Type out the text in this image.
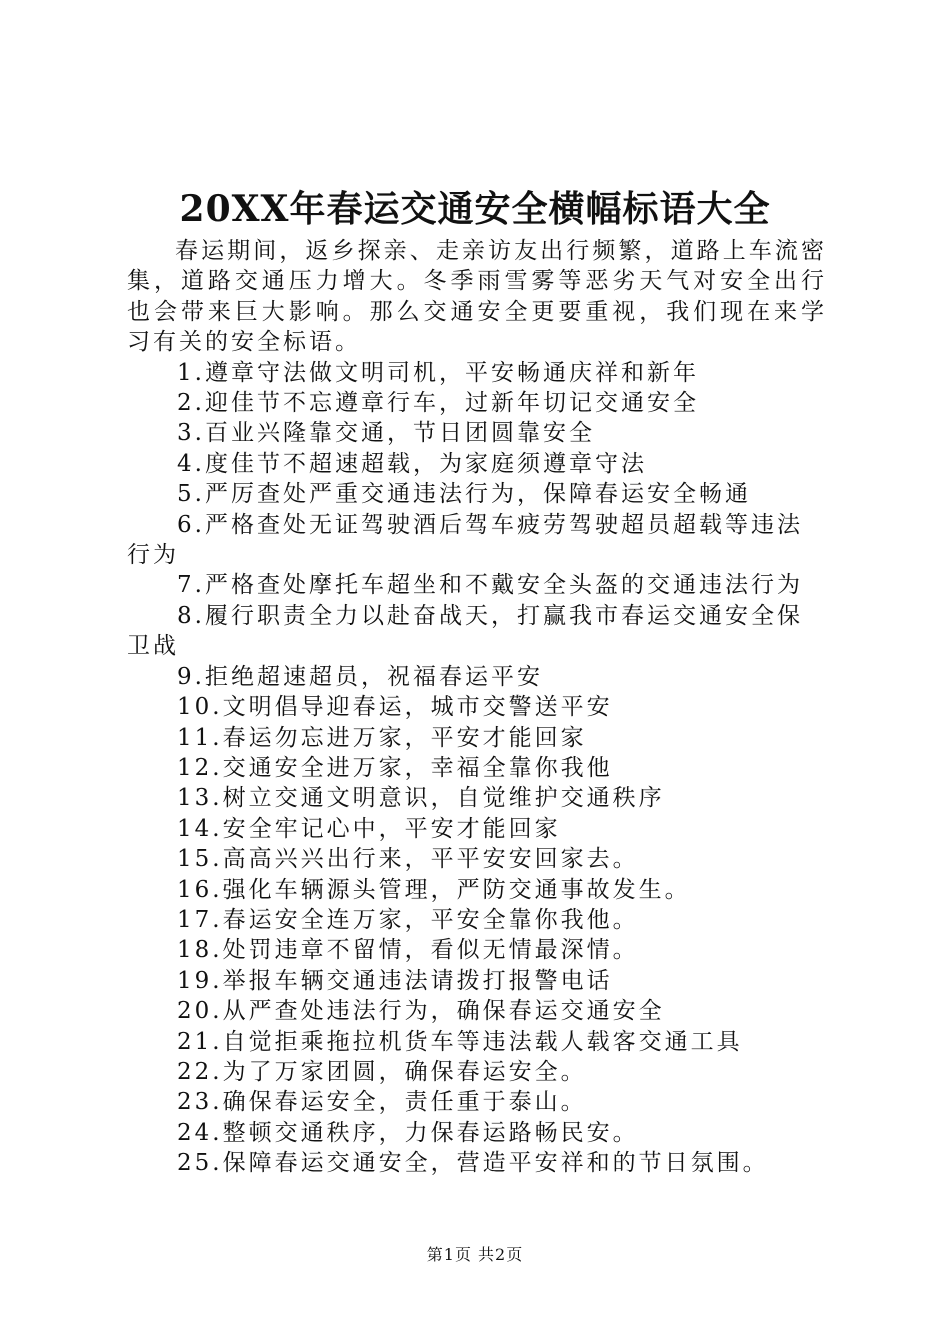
20XX年春运交通安全横幅标语大全

春运期间，返乡探亲、走亲访友出行频繁，道路上车流密集，道路交通压力增大。冬季雨雪雾等恶劣天气对安全出行也会带来巨大影响。那么交通安全更要重视，我们现在来学习有关的安全标语。

1.遵章守法做文明司机，平安畅通庆祥和新年
2.迎佳节不忘遵章行车，过新年切记交通安全
3.百业兴隆靠交通，节日团圆靠安全
4.度佳节不超速超载，为家庭须遵章守法
5.严厉查处严重交通违法行为，保障春运安全畅通
6.严格查处无证驾驶酒后驾车疲劳驾驶超员超载等违法行为
7.严格查处摩托车超坐和不戴安全头盔的交通违法行为
8.履行职责全力以赴奋战天，打赢我市春运交通安全保卫战
9.拒绝超速超员，祝福春运平安
10.文明倡导迎春运，城市交警送平安
11.春运勿忘进万家，平安才能回家
12.交通安全进万家，幸福全靠你我他
13.树立交通文明意识，自觉维护交通秩序
14.安全牢记心中，平安才能回家
15.高高兴兴出行来，平平安安回家去。
16.强化车辆源头管理，严防交通事故发生。
17.春运安全连万家，平安全靠你我他。
18.处罚违章不留情，看似无情最深情。
19.举报车辆交通违法请拨打报警电话
20.从严查处违法行为，确保春运交通安全
21.自觉拒乘拖拉机货车等违法载人载客交通工具
22.为了万家团圆，确保春运安全。
23.确保春运安全，责任重于泰山。
24.整顿交通秩序，力保春运路畅民安。
25.保障春运交通安全，营造平安祥和的节日氛围。
第1页 共2页
